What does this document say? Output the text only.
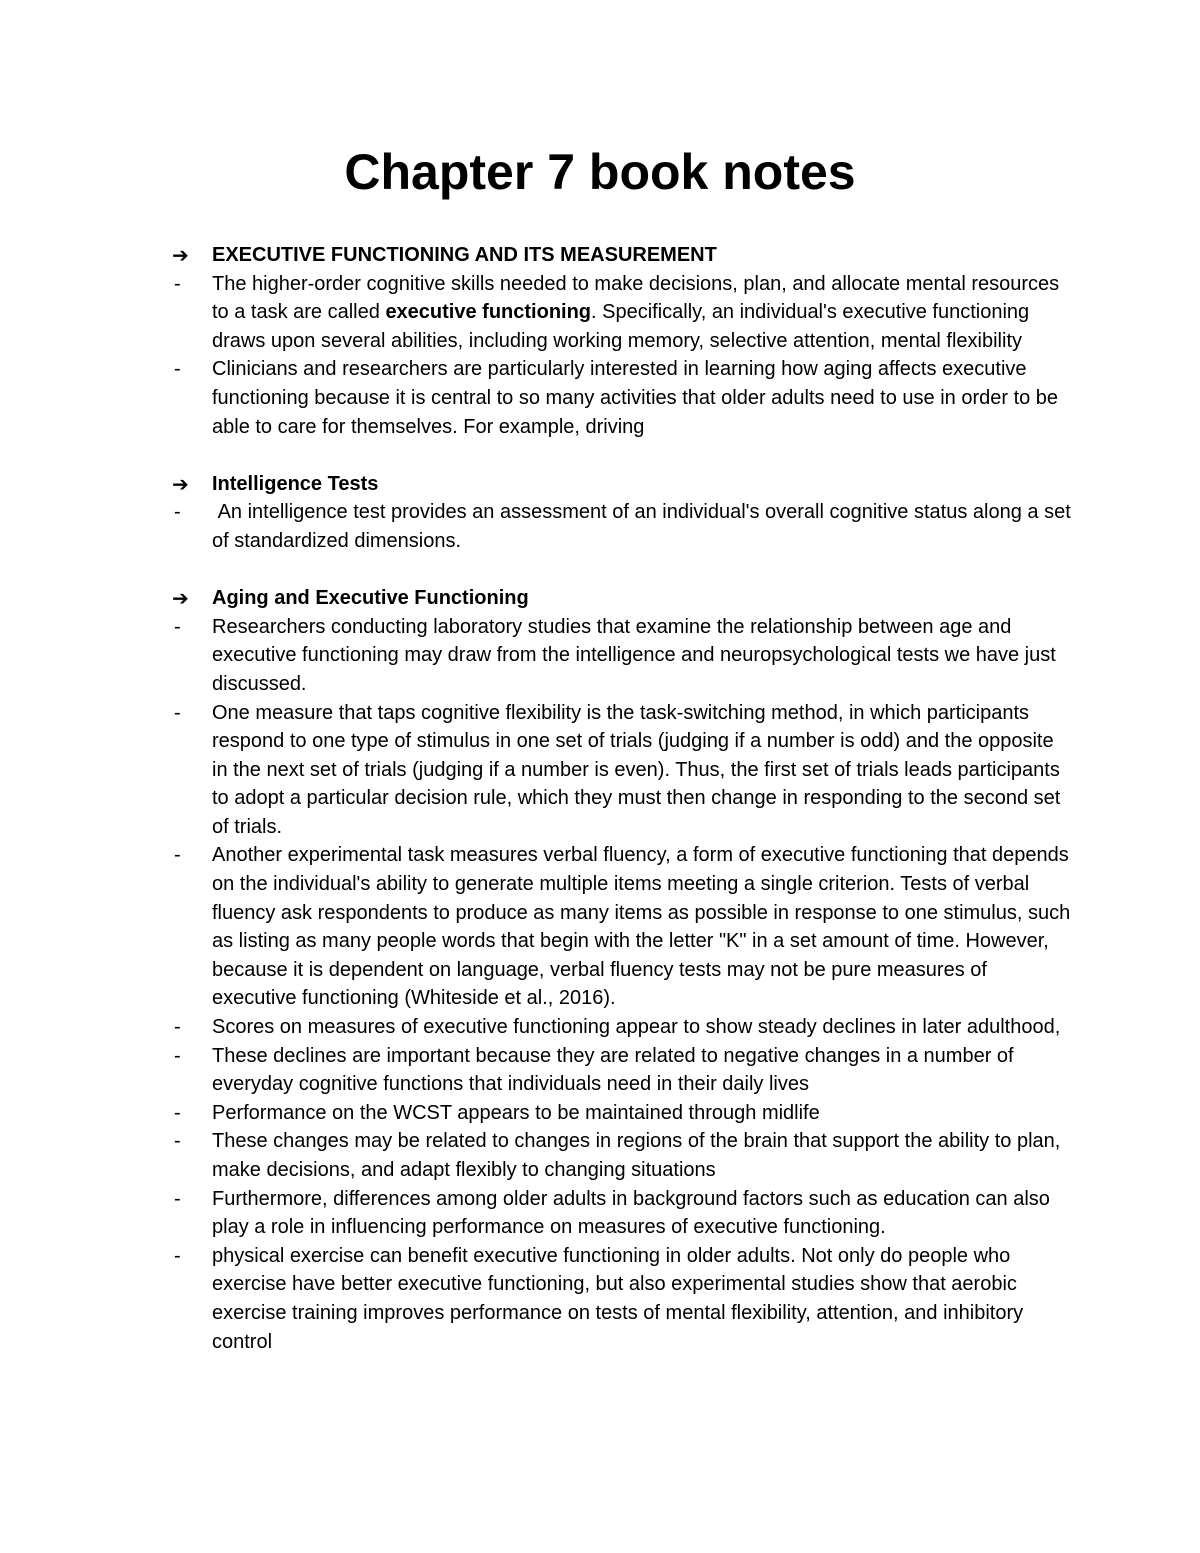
Chapter 7 book notes

➔	EXECUTIVE FUNCTIONING AND ITS MEASUREMENT

-	The higher-order cognitive skills needed to make decisions, plan, and allocate mental resources to a task are called executive functioning. Specifically, an individual's executive functioning draws upon several abilities, including working memory, selective attention, mental flexibility
-	Clinicians and researchers are particularly interested in learning how aging affects executive functioning because it is central to so many activities that older adults need to use in order to be able to care for themselves. For example, driving

➔	Intelligence Tests

-	An intelligence test provides an assessment of an individual's overall cognitive status along a set of standardized dimensions.

➔	Aging and Executive Functioning

-	Researchers conducting laboratory studies that examine the relationship between age and executive functioning may draw from the intelligence and neuropsychological tests we have just discussed.
-	One measure that taps cognitive flexibility is the task-switching method, in which participants respond to one type of stimulus in one set of trials (judging if a number is odd) and the opposite in the next set of trials (judging if a number is even). Thus, the first set of trials leads participants to adopt a particular decision rule, which they must then change in responding to the second set of trials.
-	Another experimental task measures verbal fluency, a form of executive functioning that depends on the individual's ability to generate multiple items meeting a single criterion. Tests of verbal fluency ask respondents to produce as many items as possible in response to one stimulus, such as listing as many people words that begin with the letter "K" in a set amount of time. However, because it is dependent on language, verbal fluency tests may not be pure measures of executive functioning (Whiteside et al., 2016).
-	Scores on measures of executive functioning appear to show steady declines in later adulthood,
-	These declines are important because they are related to negative changes in a number of everyday cognitive functions that individuals need in their daily lives
-	Performance on the WCST appears to be maintained through midlife
-	These changes may be related to changes in regions of the brain that support the ability to plan, make decisions, and adapt flexibly to changing situations
-	Furthermore, differences among older adults in background factors such as education can also play a role in influencing performance on measures of executive functioning.
-	physical exercise can benefit executive functioning in older adults. Not only do people who exercise have better executive functioning, but also experimental studies show that aerobic exercise training improves performance on tests of mental flexibility, attention, and inhibitory control
